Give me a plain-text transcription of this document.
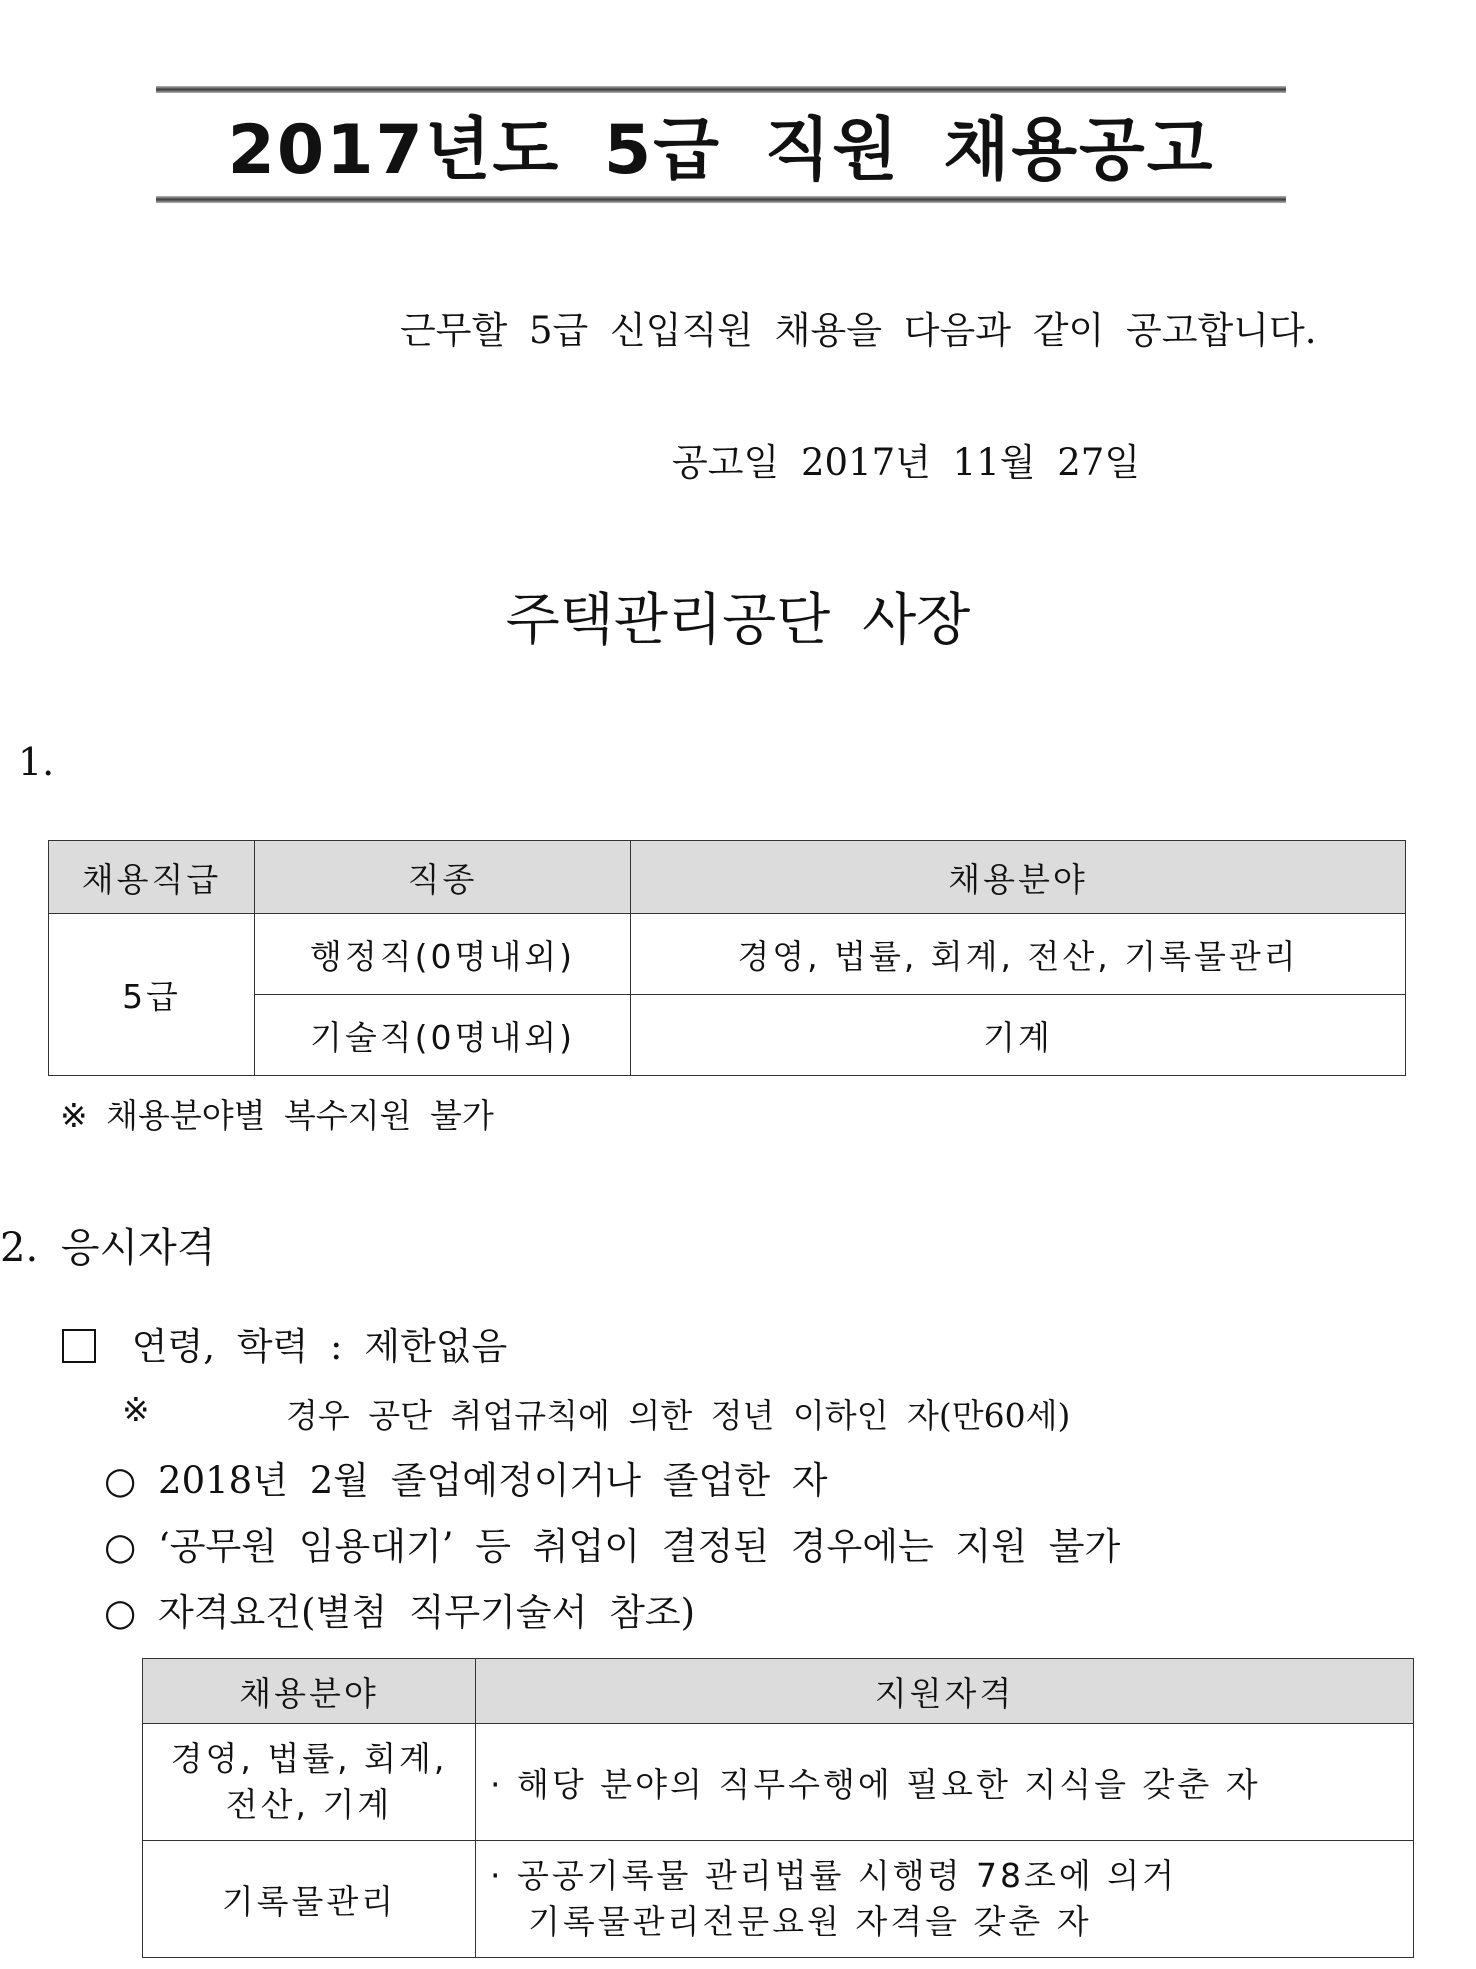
2017년도 5급 직원 채용공고
근무할 5급 신입직원 채용을 다음과 같이 공고합니다.
공고일 2017년 11월 27일
주택관리공단 사장
1.
채용직급	직종	채용분야
5급	행정직(0명내외)	경영, 법률, 회계, 전산, 기록물관리
	기술직(0명내외)	기계
※ 채용분야별 복수지원 불가
2. 응시자격
연령, 학력 : 제한없음
※	경우 공단 취업규칙에 의한 정년 이하인 자(만60세)
○ 2018년 2월 졸업예정이거나 졸업한 자
○ ‘공무원 임용대기’ 등 취업이 결정된 경우에는 지원 불가
○ 자격요건(별첨 직무기술서 참조)
채용분야	지원자격

경영, 법률, 회계,
전산, 기계	· 해당 분야의 직무수행에 필요한 지식을 갖춘 자

기록물관리	· 공공기록물 관리법률 시행령 78조에 의거
기록물관리전문요원 자격을 갖춘 자
